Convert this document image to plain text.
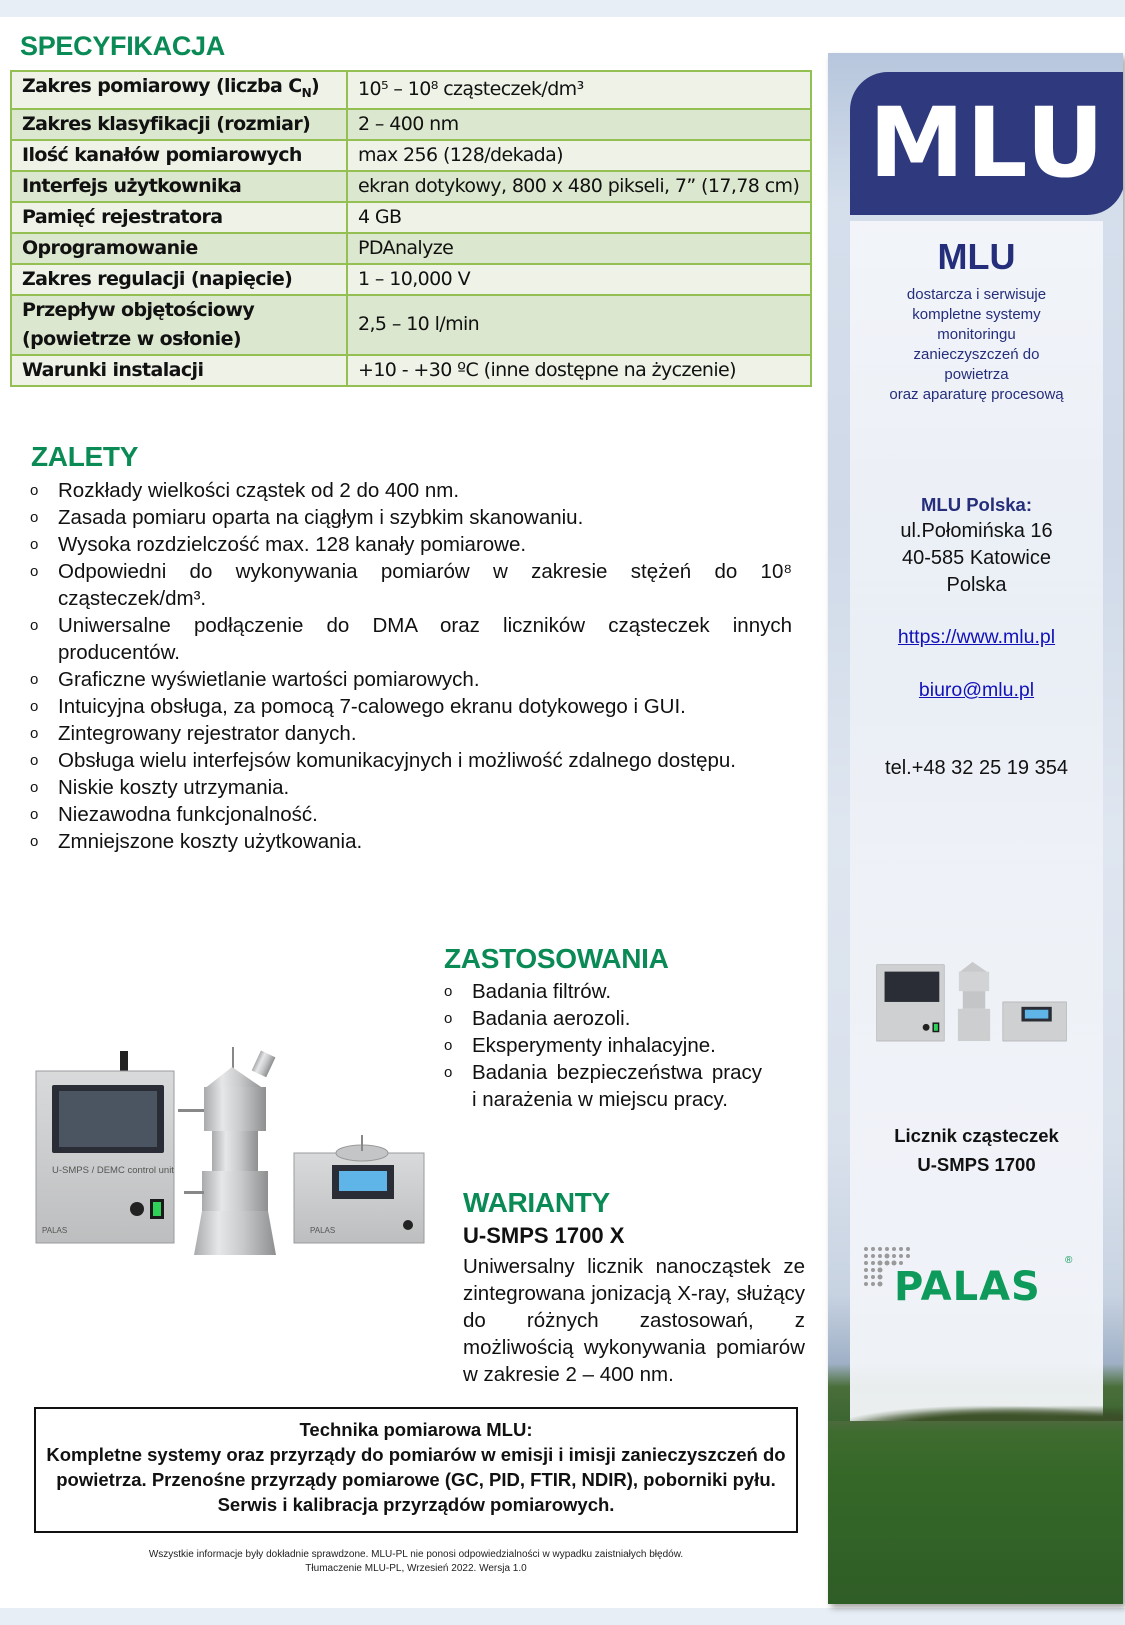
SPECYFIKACJA
Zakres pomiarowy (liczba $C_N$)	10⁵ – 10⁸ cząsteczek/dm³
Zakres klasyfikacji (rozmiar)	2 – 400 nm
Ilość kanałów pomiarowych	max 256 (128/dekada)
Interfejs użytkownika	ekran dotykowy, 800 x 480 pikseli, 7” (17,78 cm)
Pamięć rejestratora	4 GB
Oprogramowanie	PDAnalyze
Zakres regulacji (napięcie)	1 – 10,000 V
Przepływ objętościowy (powietrze w osłonie)	2,5 – 10 l/min
Warunki instalacji	+10 - +30 ºC (inne dostępne na życzenie)
ZALETY
o Rozkłady wielkości cząstek od 2 do 400 nm.
o Zasada pomiaru oparta na ciągłym i szybkim skanowaniu.
o Wysoka rozdzielczość max. 128 kanały pomiarowe.
o Odpowiedni do wykonywania pomiarów w zakresie stężeń do 10⁸ cząsteczek/dm³.
o Uniwersalne podłączenie do DMA oraz liczników cząsteczek innych producentów.
o Graficzne wyświetlanie wartości pomiarowych.
o Intuicyjna obsługa, za pomocą 7-calowego ekranu dotykowego i GUI.
o Zintegrowany rejestrator danych.
o Obsługa wielu interfejsów komunikacyjnych i możliwość zdalnego dostępu.
o Niskie koszty utrzymania.
o Niezawodna funkcjonalność.
o Zmniejszone koszty użytkowania.
U-SMPS / DEMC control unit
PALAS	PALAS
ZASTOSOWANIA
o Badania filtrów.
o Badania aerozoli.
o Eksperymenty inhalacyjne.
o Badania bezpieczeństwa pracy i narażenia w miejscu pracy.
WARIANTY
U-SMPS 1700 X
Uniwersalny licznik nanocząstek ze zintegrowana jonizacją X-ray, służący do różnych zastosowań, z możliwością wykonywania pomiarów w zakresie 2 – 400 nm.
Technika pomiarowa MLU:
Kompletne systemy oraz przyrządy do pomiarów w emisji i imisji zanieczyszczeń do powietrza. Przenośne przyrządy pomiarowe (GC, PID, FTIR, NDIR), poborniki pyłu. Serwis i kalibracja przyrządów pomiarowych.
Wszystkie informacje były dokładnie sprawdzone. MLU-PL nie ponosi odpowiedzialności w wypadku zaistniałych błędów.
Tłumaczenie MLU-PL, Wrzesień 2022. Wersja 1.0
MLU
MLU
dostarcza i serwisuje
kompletne systemy
monitoringu
zanieczyszczeń do
powietrza
oraz aparaturę procesową
MLU Polska:
ul.Połomińska 16
40-585 Katowice
Polska
https://www.mlu.pl
biuro@mlu.pl
tel.+48 32 25 19 354
Licznik cząsteczek
U-SMPS 1700
PALAS
®
